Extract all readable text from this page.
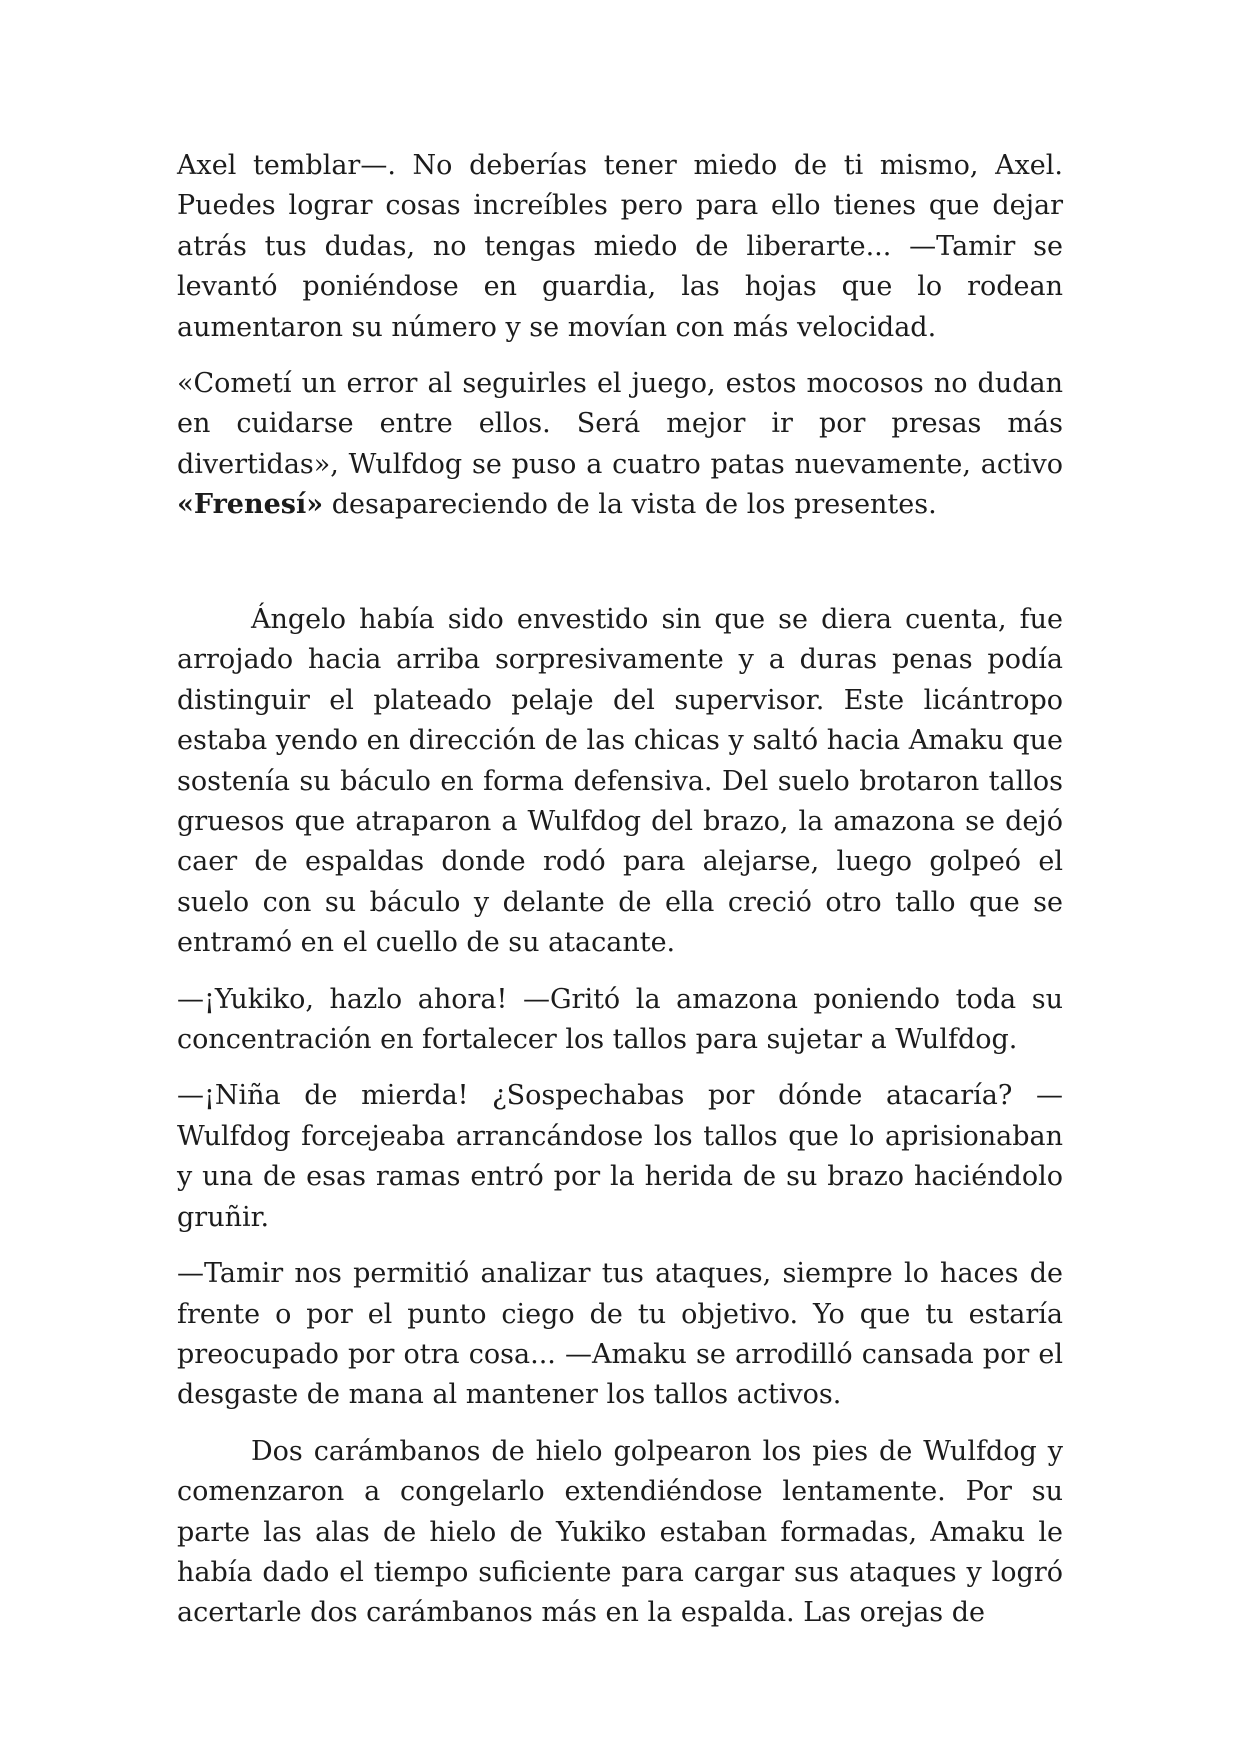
Axel temblar—. No deberías tener miedo de ti mismo, Axel. Puedes lograr cosas increíbles pero para ello tienes que dejar atrás tus dudas, no tengas miedo de liberarte... —Tamir se levantó poniéndose en guardia, las hojas que lo rodean aumentaron su número y se movían con más velocidad.

«Cometí un error al seguirles el juego, estos mocosos no dudan en cuidarse entre ellos. Será mejor ir por presas más divertidas», Wulfdog se puso a cuatro patas nuevamente, activo «Frenesí» desapareciendo de la vista de los presentes.

Ángelo había sido envestido sin que se diera cuenta, fue arrojado hacia arriba sorpresivamente y a duras penas podía distinguir el plateado pelaje del supervisor. Este licántropo estaba yendo en dirección de las chicas y saltó hacia Amaku que sostenía su báculo en forma defensiva. Del suelo brotaron tallos gruesos que atraparon a Wulfdog del brazo, la amazona se dejó caer de espaldas donde rodó para alejarse, luego golpeó el suelo con su báculo y delante de ella creció otro tallo que se entramó en el cuello de su atacante.

—¡Yukiko, hazlo ahora! —Gritó la amazona poniendo toda su concentración en fortalecer los tallos para sujetar a Wulfdog.

—¡Niña de mierda! ¿Sospechabas por dónde atacaría? —Wulfdog forcejeaba arrancándose los tallos que lo aprisionaban y una de esas ramas entró por la herida de su brazo haciéndolo gruñir.

—Tamir nos permitió analizar tus ataques, siempre lo haces de frente o por el punto ciego de tu objetivo. Yo que tu estaría preocupado por otra cosa... —Amaku se arrodilló cansada por el desgaste de mana al mantener los tallos activos.

Dos carámbanos de hielo golpearon los pies de Wulfdog y comenzaron a congelarlo extendiéndose lentamente. Por su parte las alas de hielo de Yukiko estaban formadas, Amaku le había dado el tiempo suficiente para cargar sus ataques y logró acertarle dos carámbanos más en la espalda. Las orejas de
